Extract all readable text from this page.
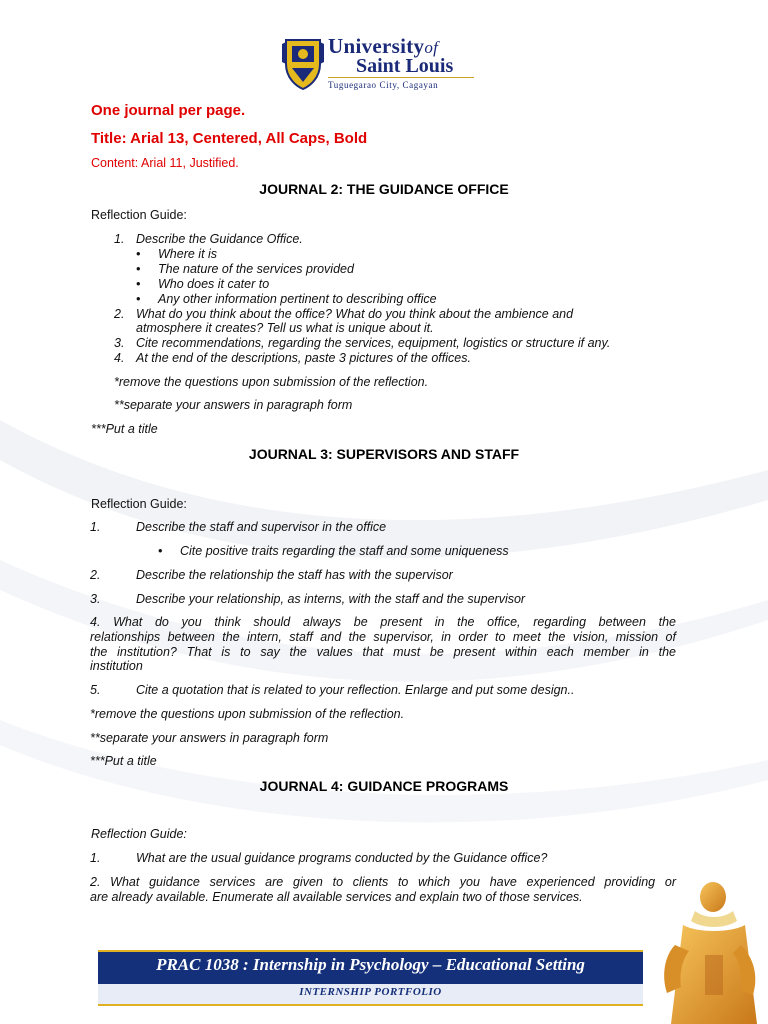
Universityof
Saint Louis
Tuguegarao City, Cagayan
One journal per page.
Title: Arial 13, Centered, All Caps, Bold
Content: Arial 11, Justified.
JOURNAL 2: THE GUIDANCE OFFICE
Reflection Guide:
1. Describe the Guidance Office.
• Where it is
• The nature of the services provided
• Who does it cater to
• Any other information pertinent to describing office
2. What do you think about the office? What do you think about the ambience and
atmosphere it creates? Tell us what is unique about it.
3. Cite recommendations, regarding the services, equipment, logistics or structure if any.
4. At the end of the descriptions, paste 3 pictures of the offices.
*remove the questions upon submission of the reflection.
**separate your answers in paragraph form
***Put a title
JOURNAL 3: SUPERVISORS AND STAFF
Reflection Guide:
1.	Describe the staff and supervisor in the office
• Cite positive traits regarding the staff and some uniqueness
2.	Describe the relationship the staff has with the supervisor
3.	Describe your relationship, as interns, with the staff and the supervisor
4. What do you think should always be present in the office, regarding between the
relationships between the intern, staff and the supervisor, in order to meet the vision, mission of
the institution? That is to say the values that must be present within each member in the
institution
5.	Cite a quotation that is related to your reflection. Enlarge and put some design..
*remove the questions upon submission of the reflection.
**separate your answers in paragraph form
***Put a title
JOURNAL 4: GUIDANCE PROGRAMS
Reflection Guide:
1.	What are the usual guidance programs conducted by the Guidance office?
2. What guidance services are given to clients to which you have experienced providing or
are already available. Enumerate all available services and explain two of those services.
PRAC 1038 : Internship in Psychology – Educational Setting
INTERNSHIP PORTFOLIO
